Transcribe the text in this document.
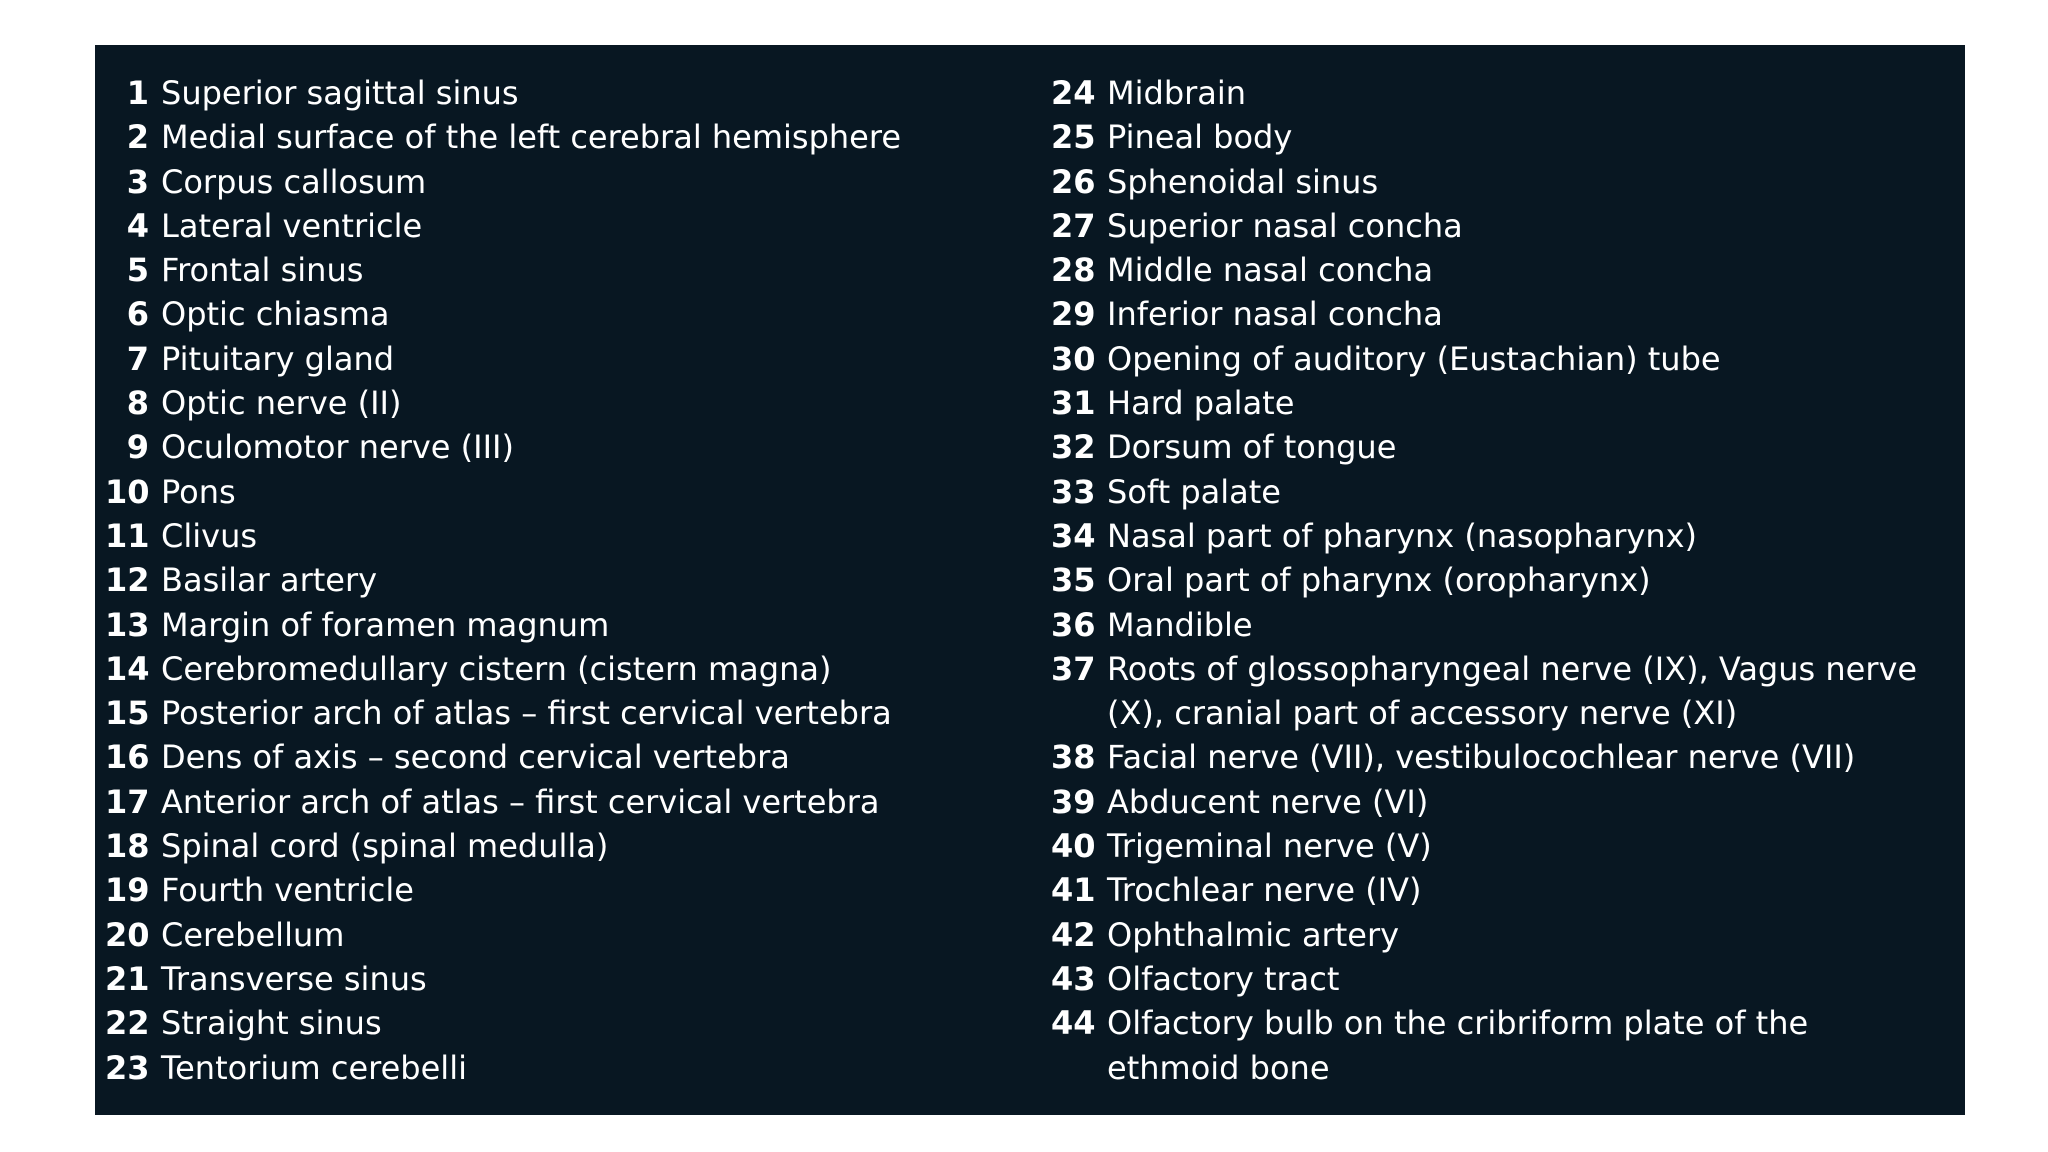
1 Superior sagittal sinus
2 Medial surface of the left cerebral hemisphere
3 Corpus callosum
4 Lateral ventricle
5 Frontal sinus
6 Optic chiasma
7 Pituitary gland
8 Optic nerve (II)
9 Oculomotor nerve (III)
10 Pons
11 Clivus
12 Basilar artery
13 Margin of foramen magnum
14 Cerebromedullary cistern (cistern magna)
15 Posterior arch of atlas – first cervical vertebra
16 Dens of axis – second cervical vertebra
17 Anterior arch of atlas – first cervical vertebra
18 Spinal cord (spinal medulla)
19 Fourth ventricle
20 Cerebellum
21 Transverse sinus
22 Straight sinus
23 Tentorium cerebelli
24 Midbrain
25 Pineal body
26 Sphenoidal sinus
27 Superior nasal concha
28 Middle nasal concha
29 Inferior nasal concha
30 Opening of auditory (Eustachian) tube
31 Hard palate
32 Dorsum of tongue
33 Soft palate
34 Nasal part of pharynx (nasopharynx)
35 Oral part of pharynx (oropharynx)
36 Mandible
37 Roots of glossopharyngeal nerve (IX), Vagus nerve
(X), cranial part of accessory nerve (XI)
38 Facial nerve (VII), vestibulocochlear nerve (VII)
39 Abducent nerve (VI)
40 Trigeminal nerve (V)
41 Trochlear nerve (IV)
42 Ophthalmic artery
43 Olfactory tract
44 Olfactory bulb on the cribriform plate of the
ethmoid bone
